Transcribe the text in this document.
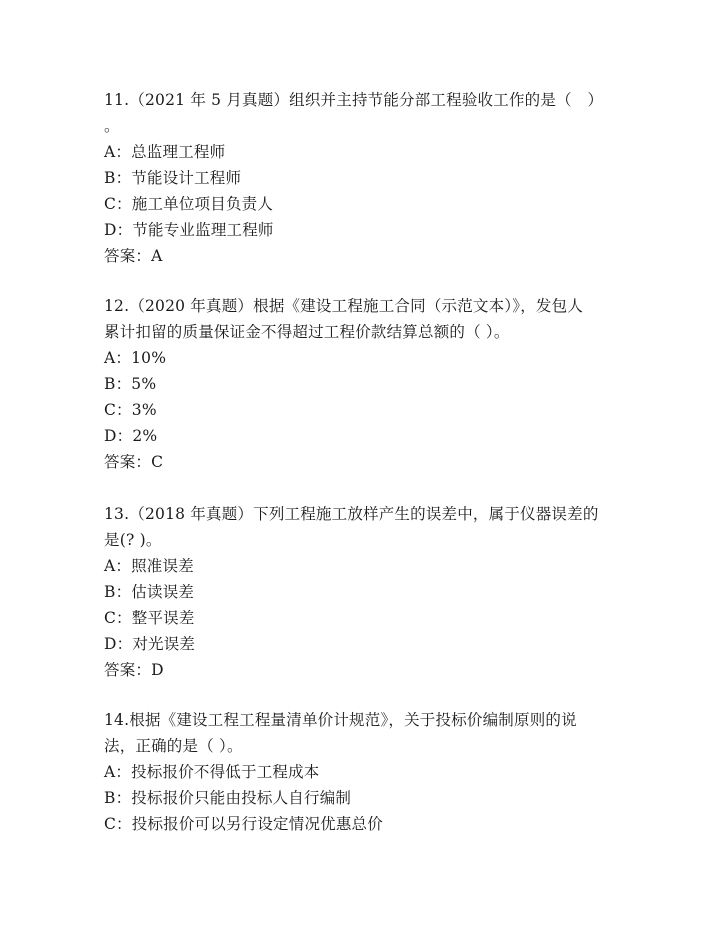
11.（2021 年 5 月真题）组织并主持节能分部工程验收工作的是（　）
。
A：总监理工程师
B：节能设计工程师
C：施工单位项目负责人
D：节能专业监理工程师
答案：A
12.（2020 年真题）根据《建设工程施工合同（示范文本）》，发包人
累计扣留的质量保证金不得超过工程价款结算总额的（ ）。
A：10%
B：5%
C：3%
D：2%
答案：C
13.（2018 年真题）下列工程施工放样产生的误差中，属于仪器误差的
是(? )。
A：照准误差
B：估读误差
C：整平误差
D：对光误差
答案：D
14.根据《建设工程工程量清单价计规范》，关于投标价编制原则的说
法，正确的是（ ）。
A：投标报价不得低于工程成本
B：投标报价只能由投标人自行编制
C：投标报价可以另行设定情况优惠总价
